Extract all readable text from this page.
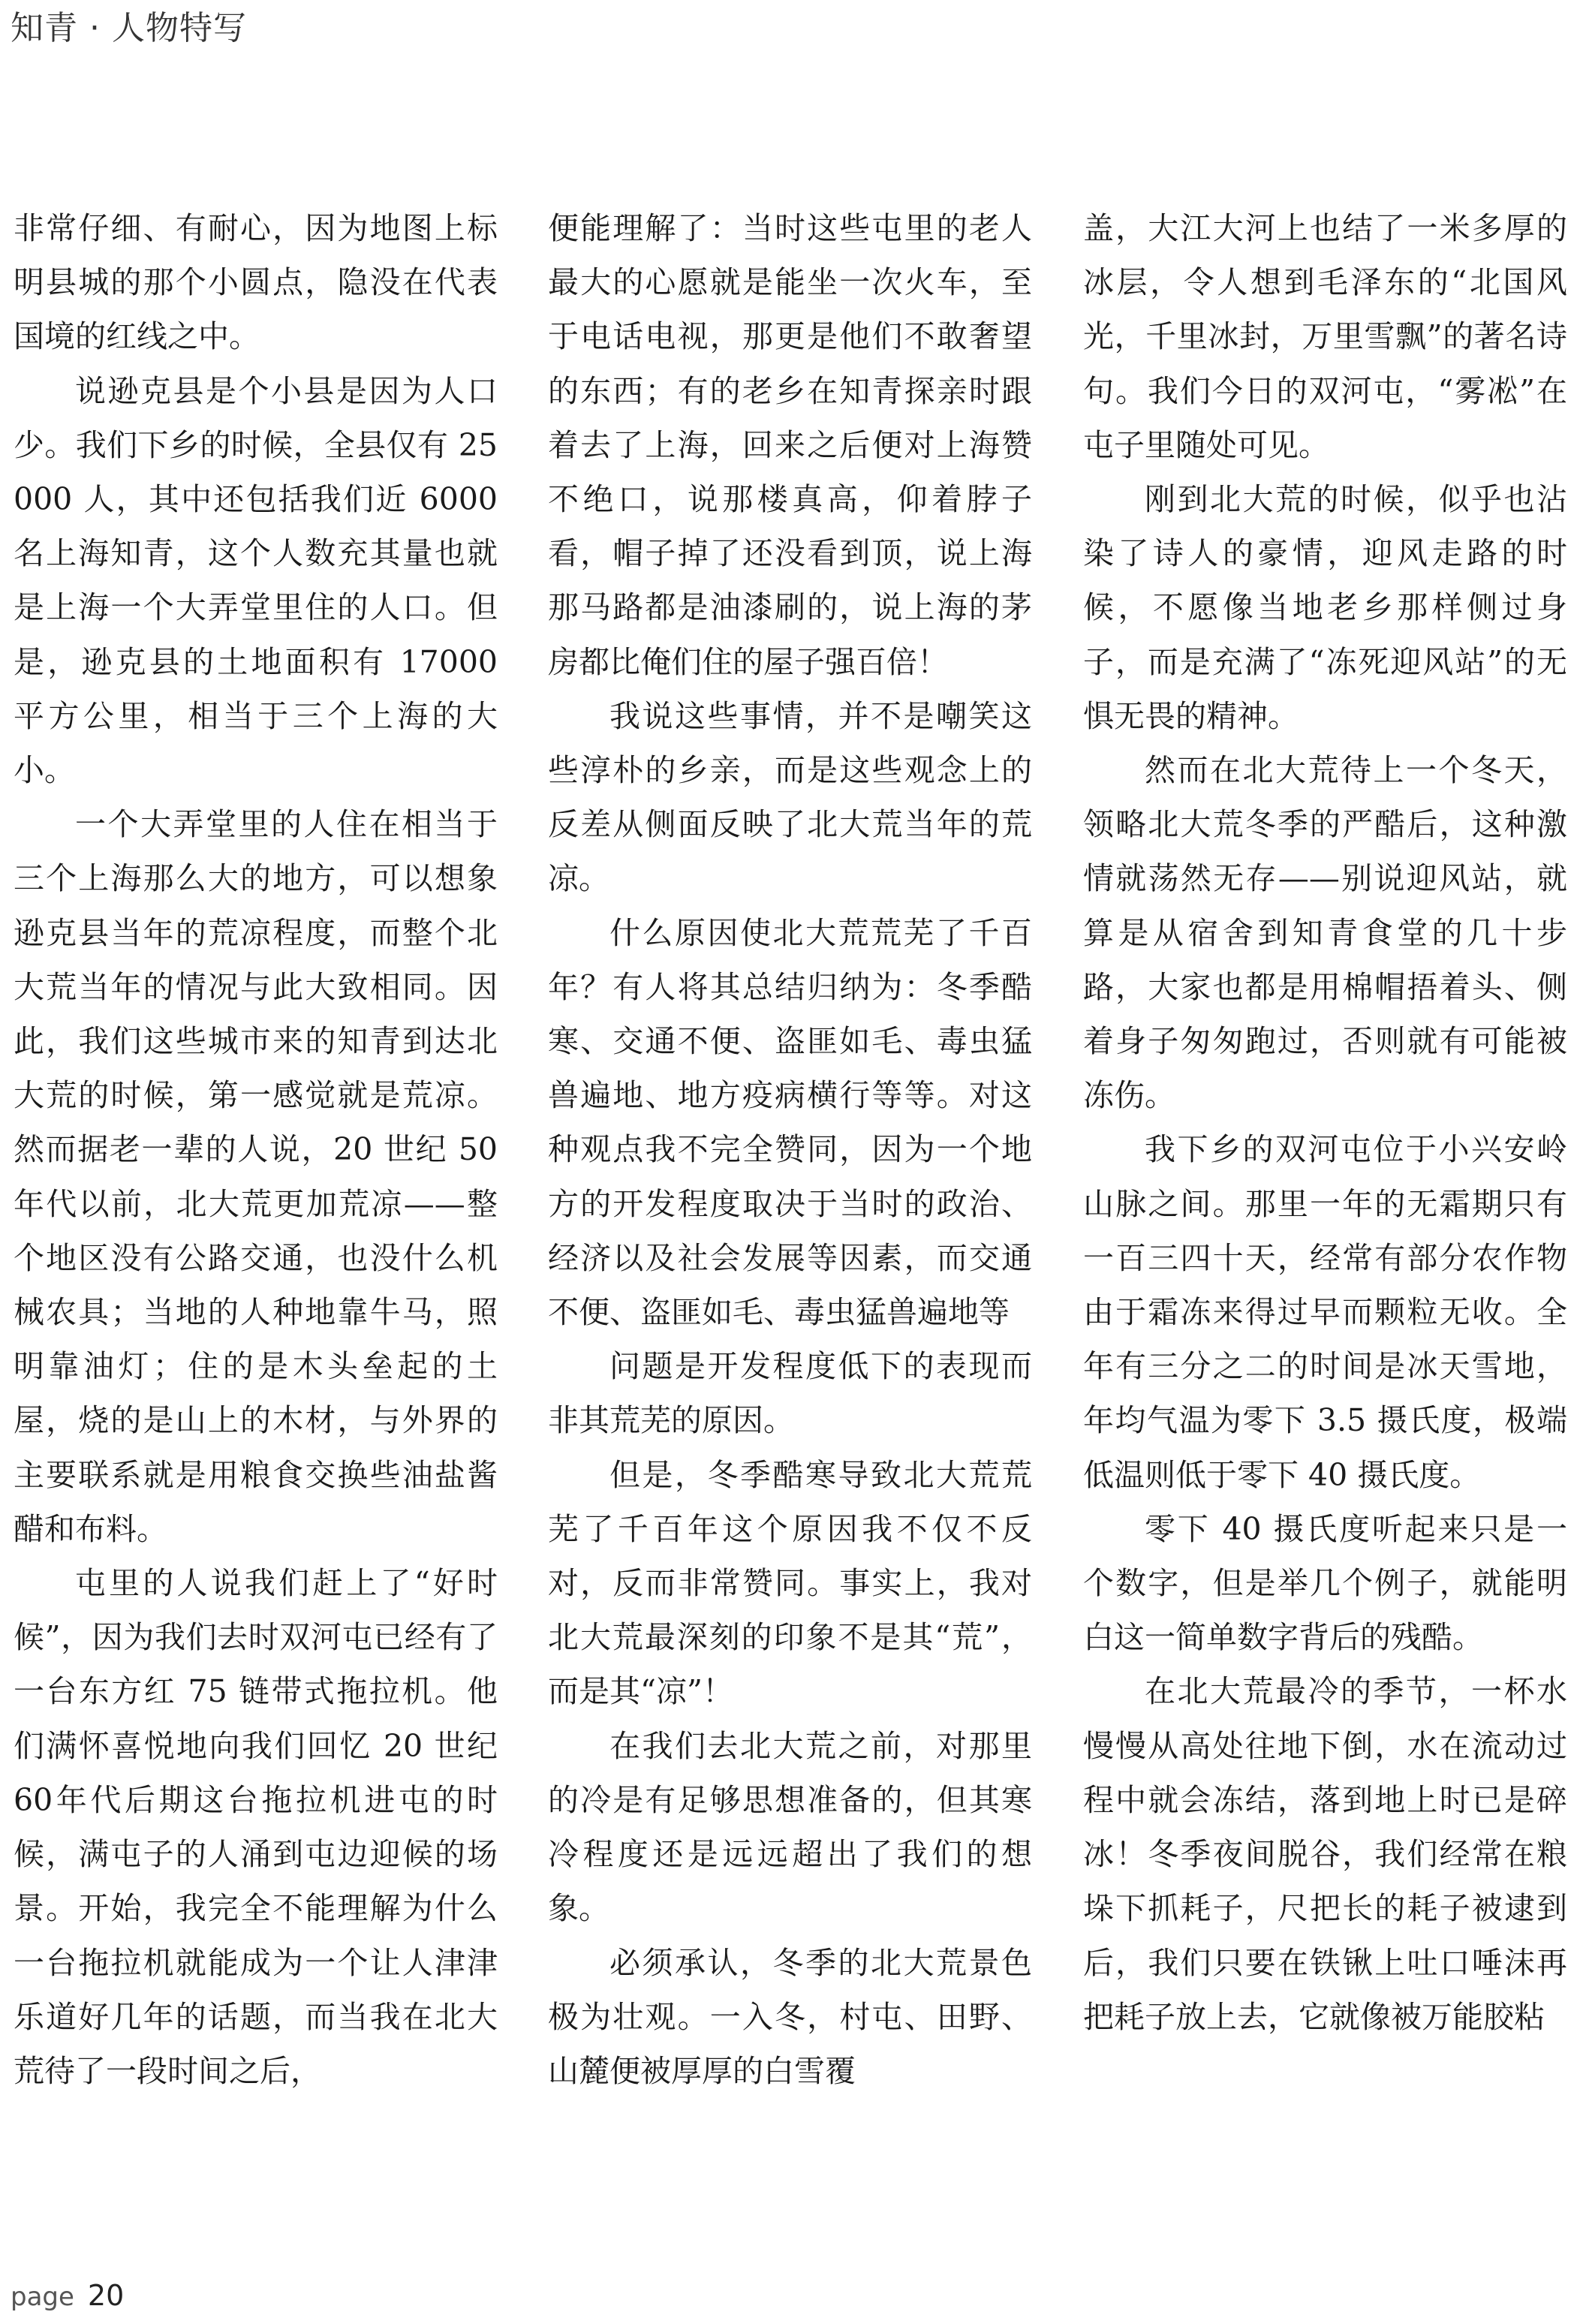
知青 · 人物特写

非常仔细、有耐心，因为地图上标明县城的那个小圆点，隐没在代表国境的红线之中。

说逊克县是个小县是因为人口少。我们下乡的时候，全县仅有 25000 人，其中还包括我们近 6000 名上海知青，这个人数充其量也就是上海一个大弄堂里住的人口。但是，逊克县的土地面积有 17000 平方公里，相当于三个上海的大小。

一个大弄堂里的人住在相当于三个上海那么大的地方，可以想象逊克县当年的荒凉程度，而整个北大荒当年的情况与此大致相同。因此，我们这些城市来的知青到达北大荒的时候，第一感觉就是荒凉。然而据老一辈的人说，20 世纪 50 年代以前，北大荒更加荒凉——整个地区没有公路交通，也没什么机械农具；当地的人种地靠牛马，照明靠油灯；住的是木头垒起的土屋，烧的是山上的木材，与外界的主要联系就是用粮食交换些油盐酱醋和布料。

屯里的人说我们赶上了“好时候”，因为我们去时双河屯已经有了一台东方红 75 链带式拖拉机。他们满怀喜悦地向我们回忆 20 世纪 60年代后期这台拖拉机进屯的时候，满屯子的人涌到屯边迎候的场景。开始，我完全不能理解为什么一台拖拉机就能成为一个让人津津乐道好几年的话题，而当我在北大荒待了一段时间之后，

便能理解了：当时这些屯里的老人最大的心愿就是能坐一次火车，至于电话电视，那更是他们不敢奢望的东西；有的老乡在知青探亲时跟着去了上海，回来之后便对上海赞不绝口，说那楼真高，仰着脖子看，帽子掉了还没看到顶，说上海那马路都是油漆刷的，说上海的茅房都比俺们住的屋子强百倍！

我说这些事情，并不是嘲笑这些淳朴的乡亲，而是这些观念上的反差从侧面反映了北大荒当年的荒凉。

什么原因使北大荒荒芜了千百年？有人将其总结归纳为：冬季酷寒、交通不便、盗匪如毛、毒虫猛兽遍地、地方疫病横行等等。对这种观点我不完全赞同，因为一个地方的开发程度取决于当时的政治、经济以及社会发展等因素，而交通不便、盗匪如毛、毒虫猛兽遍地等

问题是开发程度低下的表现而非其荒芜的原因。

但是，冬季酷寒导致北大荒荒芜了千百年这个原因我不仅不反对，反而非常赞同。事实上，我对北大荒最深刻的印象不是其“荒”，而是其“凉”！

在我们去北大荒之前，对那里的冷是有足够思想准备的，但其寒冷程度还是远远超出了我们的想象。

必须承认，冬季的北大荒景色极为壮观。一入冬，村屯、田野、山麓便被厚厚的白雪覆

盖，大江大河上也结了一米多厚的冰层，令人想到毛泽东的“北国风光，千里冰封，万里雪飘”的著名诗句。我们今日的双河屯，“雾凇”在屯子里随处可见。

刚到北大荒的时候，似乎也沾染了诗人的豪情，迎风走路的时候，不愿像当地老乡那样侧过身子，而是充满了“冻死迎风站”的无惧无畏的精神。

然而在北大荒待上一个冬天，领略北大荒冬季的严酷后，这种激情就荡然无存——别说迎风站，就算是从宿舍到知青食堂的几十步路，大家也都是用棉帽捂着头、侧着身子匆匆跑过，否则就有可能被冻伤。

我下乡的双河屯位于小兴安岭山脉之间。那里一年的无霜期只有一百三四十天，经常有部分农作物由于霜冻来得过早而颗粒无收。全年有三分之二的时间是冰天雪地，年均气温为零下 3.5 摄氏度，极端低温则低于零下 40 摄氏度。

零下 40 摄氏度听起来只是一个数字，但是举几个例子，就能明白这一简单数字背后的残酷。

在北大荒最冷的季节，一杯水慢慢从高处往地下倒，水在流动过程中就会冻结，落到地上时已是碎冰！冬季夜间脱谷，我们经常在粮垛下抓耗子，尺把长的耗子被逮到后，我们只要在铁锹上吐口唾沫再把耗子放上去，它就像被万能胶粘

page 20
